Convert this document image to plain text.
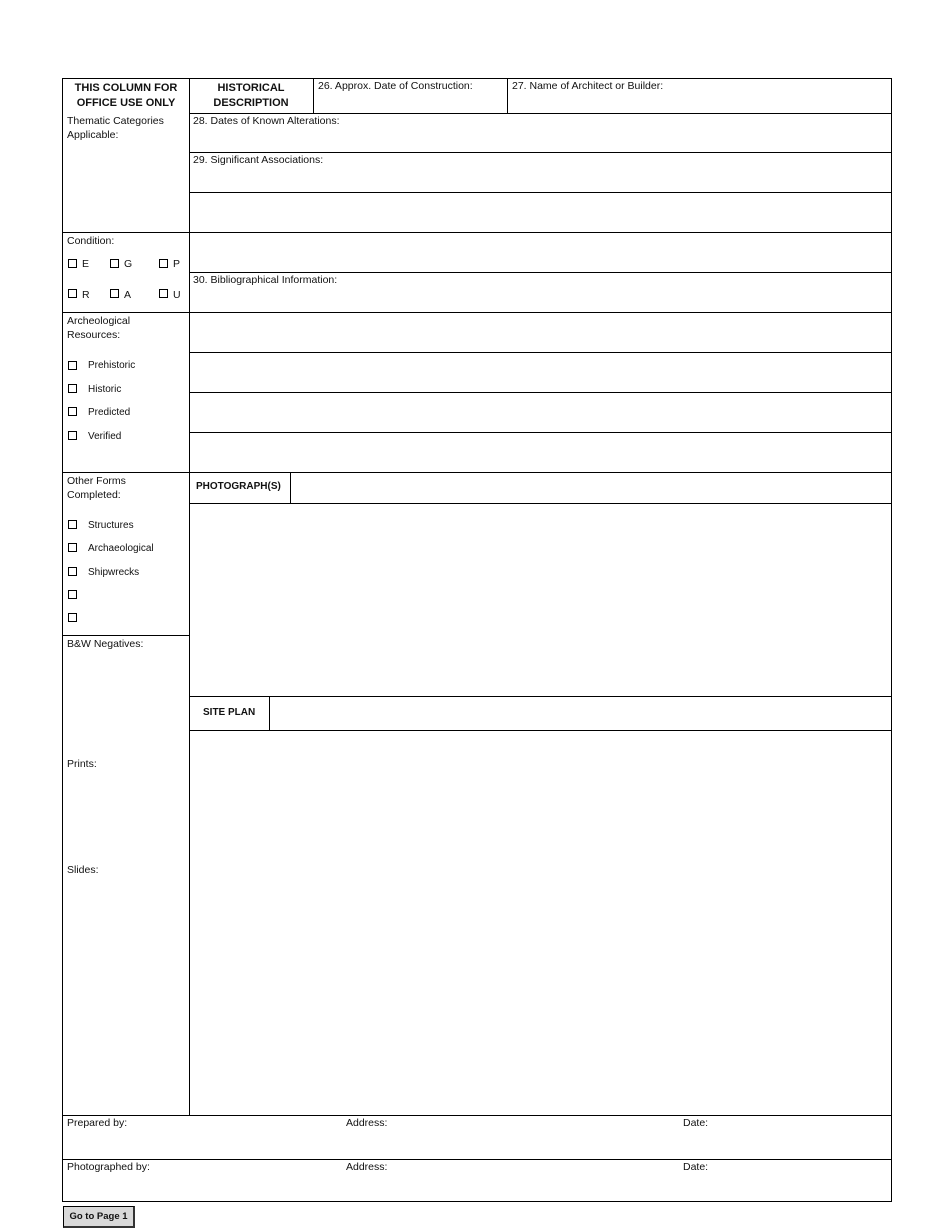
THIS COLUMN FOR OFFICE USE ONLY
HISTORICAL DESCRIPTION
26. Approx. Date of Construction:	27. Name of Architect or Builder:
28. Dates of Known Alterations:
29. Significant Associations:
30. Bibliographical Information:
Thematic Categories Applicable:
Condition:
E	G	P
R	A	U
Archeological Resources:
Prehistoric
Historic
Predicted
Verified
Other Forms Completed:
Structures
Archaeological
Shipwrecks
B&W Negatives:
Prints:
Slides:
PHOTOGRAPH(S)
SITE PLAN
Prepared by:	Address:	Date:
Photographed by:	Address:	Date:
Go to Page 1
